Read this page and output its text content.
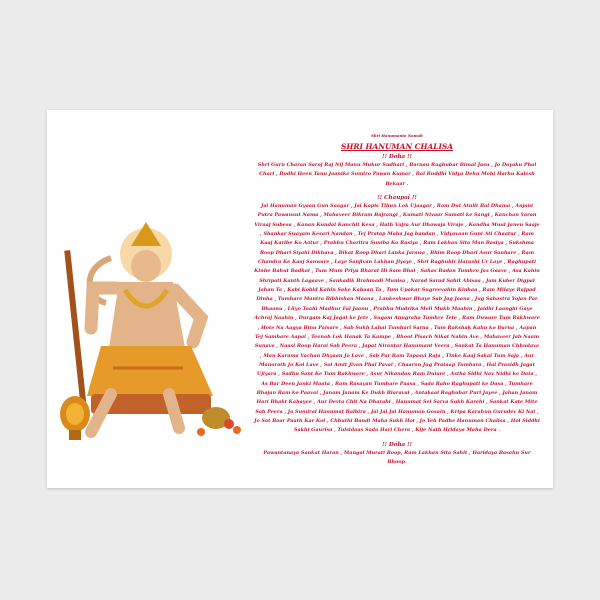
Shri Hanumante Namah
SHRI HANUMAN CHALISA
!! Doha !!
Shri Guru Charan Saroj Raj Nij Manu Mukur Sudhari , Barnau Raghubar Bimal Jasu , Jo Dayaku Phal Chari , Budhi Heen Tanu Jaanike Sumiro Pawan Kumar , Bal Buddhi Vidya Dehu Mohi Harhu Kalesh Bekaar .
!! Chaupai !!
Jai Hanuman Gyaan Gun Saagar , Jai Kapis Tihun Lok Ujaagar , Ram Dut Atulit Bal Dhama , Anjani Putra Pawansut Nama , Mahaveer Bikram Bajrangi , Kumati Nivaar Sumati ke Sangi , Kanchan Varan Viraaj Subesa , Kanan Kundal Kunchit Kesa , Hath Vajra Aur Dhawaja Viraje , Kandha Muul Janeu Saaje , Shankar Swayam Kesari Nandan , Tej Pratap Maha Jag bandan , Vidyavaan Guni Ati Chaatur , Ram Kaaj Karibe Ko Aatur , Prabhu Charitra Suniba Ko Rasiya , Ram Lakhan Sita Man Basiya , Sukshma Roop Dhari Siyahi Dikhava , Bikat Roop Dhari Lanka Jarawa , Bhim Roop Dhari Asur Sanhare , Ram Chandra Ke Kaaj Sanware , Laye Sanjivan Lakhan Jiyaye , Shri Raghubir Harashi Ur Laye , Raghupati Kinhe Bahut Badhai , Tum Mum Priya Bharat Hi Sam Bhai , Sahas Badan Tumhro Jas Gaave , Asa Kahin Shripati Kanth Lagaave , Sankadik Brahmadi Munisa , Narad Sarad Sahit Ahisaa , Jam Kuber Digpal Jahan Ta , Kabi Kobid Kahin Sake Kahaan Ta , Tum Upakar Sugreevahin Kinhaa , Ram Milaye Rajpad Dinha , Tumhare Mantra Bibhishan Maana , Lankeshwar Bhaye Sab Jag Jaana , Jug Sahastra Yojan Par Bhaanu , Liiyo Taahi Madhur Fal Jaanu , Prabhu Mudrika Meli Mukh Maahin , Jaldhi Laanghi Gaye Achraj Naahin , Durgam Kaj Jagat ke Jete , Sugam Anugraha Tumhre Tete , Ram Duware Tum Rakhware , Hote Na Aagya Binu Paisare , Sab Sukh Lahai Tumhari Sarna , Tum Rakshak Kahu ko Darna , Aapan Tej Samhare Aapai , Teenoh Lok Hanak Ta Kampe , Bhoot Pisach Nikat Nahin Ave , Mahaveer Jab Naam Sunave , Naasi Roop Harai Sab Peera , Japat Nirantar Hanumant Veera , Sankat Ta Hanuman Chhudave , Man Karama Vachan Dhyaan Jo Lave , Sab Par Ram Tapasvi Raja , Tinke Kaaj Sakal Tum Saja , Aur Manorath Jo Koi Lave , Soi Amit Jivan Phal Pavai , Chaaron Jug Prataap Tumhara , Hai Prasidh Jagat Ujiyara , Sadhu Sant Ke Tum Rakhware , Asur Nikandan Ram Dulare , Astha Sidhi Nav Nidhi ke Data , As Bar Deen Janki Maata , Ram Rasayan Tumhare Paasa , Sada Raho Raghupati ke Dasa , Tumhare Bhajan Ram ko Paavai , Janam Janam Ke Dukh Biaravai , Antakaal Raghubar Puri Jayee , Jahan Janam Hari Bhakt Kahayee , Aur Devta Chit Na Dharahi , Hanumat Sei Sarva Sukh Karehi , Sankat Kate Mite Sab Peera , Jo Sumirai Hanumat Balbira , Jai Jai Jai Hanuman Gosain , Kripa Karahun Gurudev Ki Nai , Jo Sat Baar Paath Kar Koi , Chhuthi Bandi Maha Sukh Hoi , Jo Yeh Padhe Hanuman Chalisa , Hoi Siddhi Sakhi Gaurisa , Tulsidaas Sada Hari Chera , Kije Nath Hridaya Maha Dera .
!! Doha !!
Pawantanaya Sankat Haran , Mangal Murati Roop, Ram Lakhan Sita Sahit , Haridaya Basahu Sur Bhoop.
